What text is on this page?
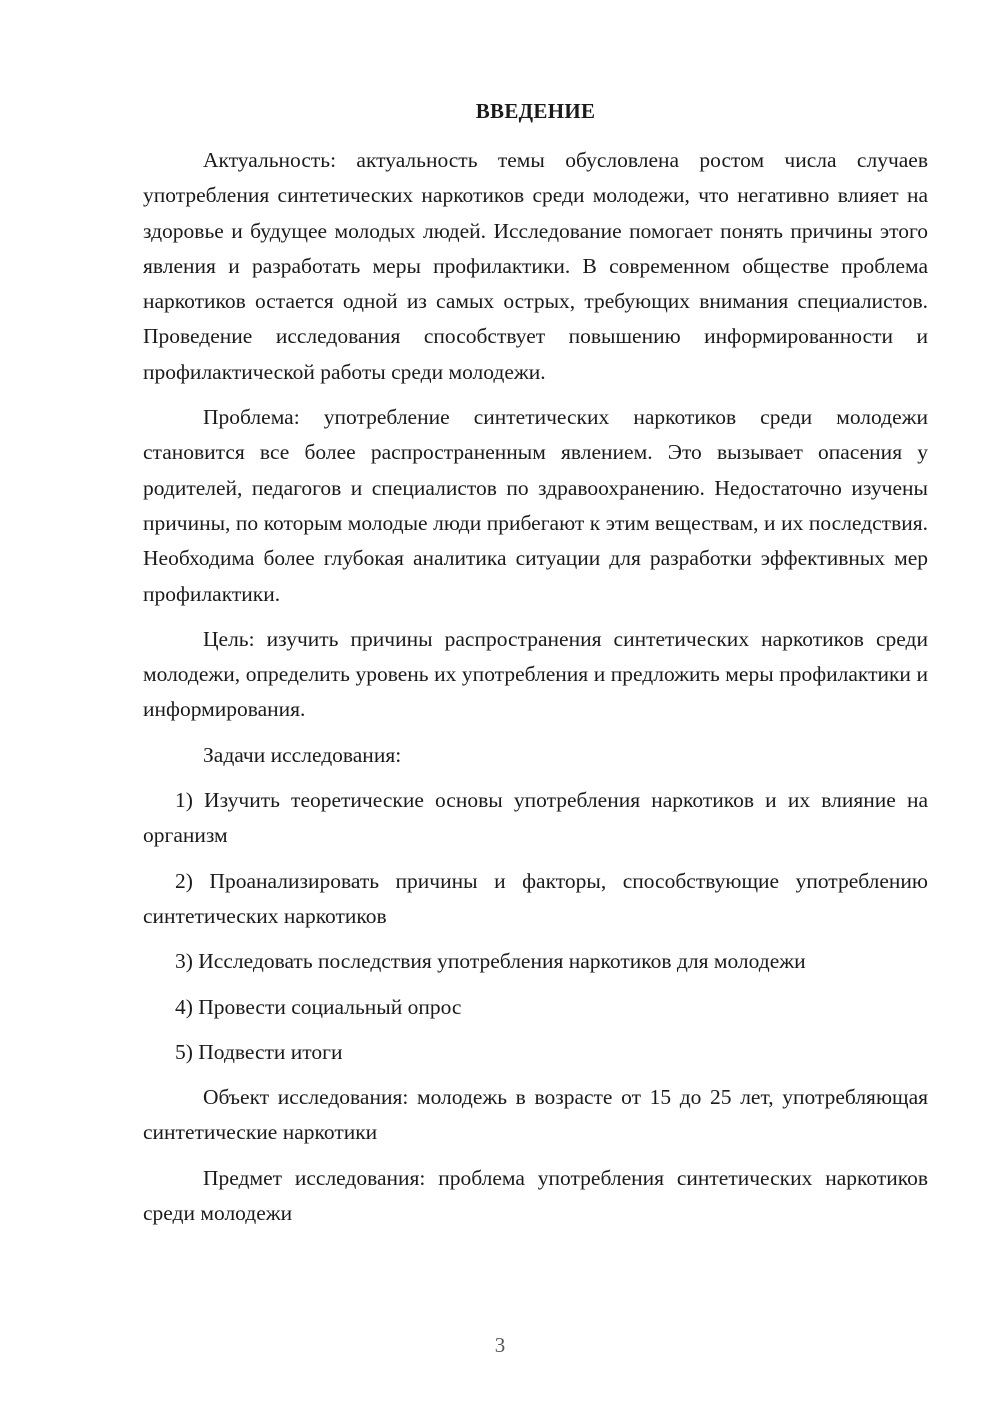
ВВЕДЕНИЕ

Актуальность: актуальность темы обусловлена ростом числа случаев употребления синтетических наркотиков среди молодежи, что негативно влияет на здоровье и будущее молодых людей. Исследование помогает понять причины этого явления и разработать меры профилактики. В современном обществе проблема наркотиков остается одной из самых острых, требующих внимания специалистов. Проведение исследования способствует повышению информированности и профилактической работы среди молодежи.

Проблема: употребление синтетических наркотиков среди молодежи становится все более распространенным явлением. Это вызывает опасения у родителей, педагогов и специалистов по здравоохранению. Недостаточно изучены причины, по которым молодые люди прибегают к этим веществам, и их последствия. Необходима более глубокая аналитика ситуации для разработки эффективных мер профилактики.

Цель: изучить причины распространения синтетических наркотиков среди молодежи, определить уровень их употребления и предложить меры профилактики и информирования.

Задачи исследования:

1) Изучить теоретические основы употребления наркотиков и их влияние на организм

2) Проанализировать причины и факторы, способствующие употреблению синтетических наркотиков

3) Исследовать последствия употребления наркотиков для молодежи

4) Провести социальный опрос

5) Подвести итоги

Объект исследования: молодежь в возрасте от 15 до 25 лет, употребляющая синтетические наркотики

Предмет исследования: проблема употребления синтетических наркотиков среди молодежи

3
